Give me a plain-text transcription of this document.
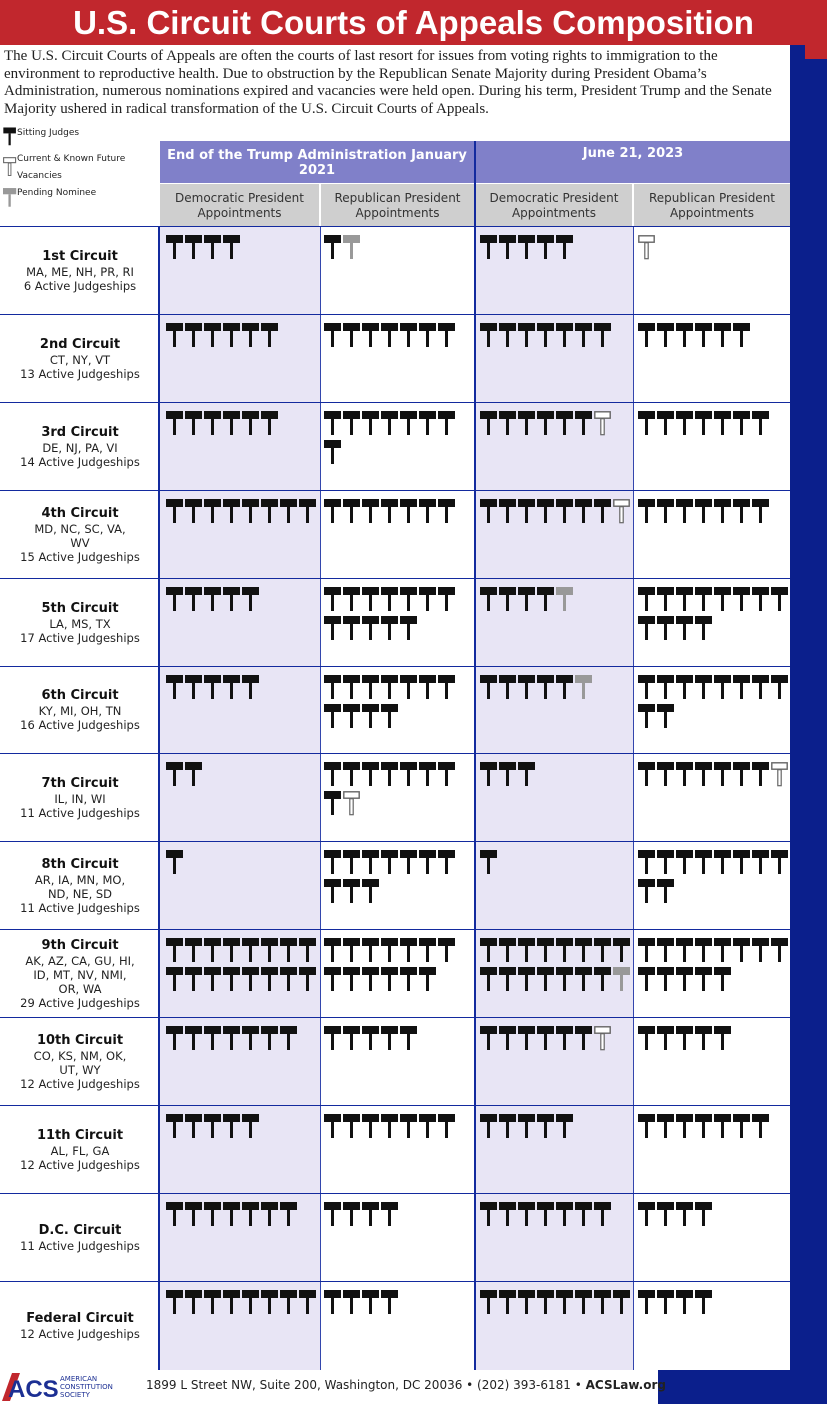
U.S. Circuit Courts of Appeals Composition
The U.S. Circuit Courts of Appeals are often the courts of last resort for issues from voting rights to immigration to the environment to reproductive health. Due to obstruction by the Republican Senate Majority during President Obama’s Administration, numerous nominations expired and vacancies were held open. During his term, President Trump and the Senate Majority ushered in radical transformation of the U.S. Circuit Courts of Appeals.
End of the Trump Administration January 2021
June 21, 2023
Democratic President Appointments
Republican President Appointments
Democratic President Appointments
Republican President Appointments
1st Circuit
MA, ME, NH, PR, RI
6 Active Judgeships
2nd Circuit
CT, NY, VT
13 Active Judgeships
3rd Circuit
DE, NJ, PA, VI
14 Active Judgeships
4th Circuit
MD, NC, SC, VA, WV
15 Active Judgeships
5th Circuit
LA, MS, TX
17 Active Judgeships
6th Circuit
KY, MI, OH, TN
16 Active Judgeships
7th Circuit
IL, IN, WI
11 Active Judgeships
8th Circuit
AR, IA, MN, MO, ND, NE, SD
11 Active Judgeships
9th Circuit
AK, AZ, CA, GU, HI, ID, MT, NV, NMI, OR, WA
29 Active Judgeships
10th Circuit
CO, KS, NM, OK, UT, WY
12 Active Judgeships
11th Circuit
AL, FL, GA
12 Active Judgeships
D.C. Circuit
11 Active Judgeships
Federal Circuit
12 Active Judgeships
Sitting Judges
Current & Known Future
Vacancies
Pending Nominee
ACS AMERICAN
CONSTITUTION
SOCIETY
1899 L Street NW, Suite 200, Washington, DC 20036 • (202) 393-6181 • ACSLaw.org
